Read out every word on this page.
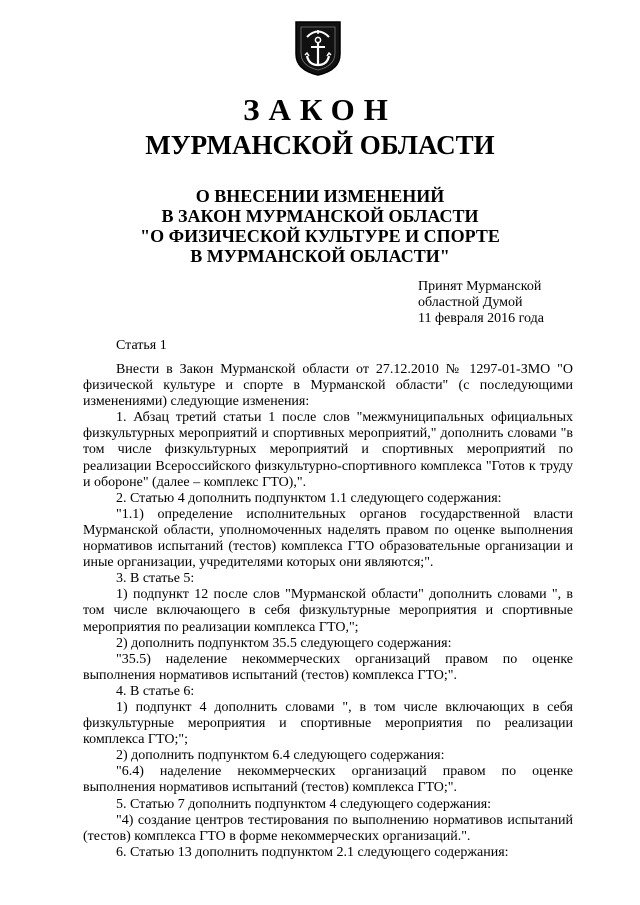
ЗАКОН
МУРМАНСКОЙ ОБЛАСТИ
О ВНЕСЕНИИ ИЗМЕНЕНИЙ
В ЗАКОН МУРМАНСКОЙ ОБЛАСТИ
"О ФИЗИЧЕСКОЙ КУЛЬТУРЕ И СПОРТЕ
В МУРМАНСКОЙ ОБЛАСТИ"
Принят Мурманской
областной Думой
11 февраля 2016 года
Статья 1

Внести в Закон Мурманской области от 27.12.2010 № 1297-01-ЗМО "О физической культуре и спорте в Мурманской области" (с последующими изменениями) следующие изменения:

1. Абзац третий статьи 1 после слов "межмуниципальных официальных физкультурных мероприятий и спортивных мероприятий," дополнить словами "в том числе физкультурных мероприятий и спортивных мероприятий по реализации Всероссийского физкультурно-спортивного комплекса "Готов к труду и обороне" (далее – комплекс ГТО),".

2. Статью 4 дополнить подпунктом 1.1 следующего содержания:

"1.1) определение исполнительных органов государственной власти Мурманской области, уполномоченных наделять правом по оценке выполнения нормативов испытаний (тестов) комплекса ГТО образовательные организации и иные организации, учредителями которых они являются;".

3. В статье 5:

1) подпункт 12 после слов "Мурманской области" дополнить словами ", в том числе включающего в себя физкультурные мероприятия и спортивные мероприятия по реализации комплекса ГТО,";

2) дополнить подпунктом 35.5 следующего содержания:

"35.5) наделение некоммерческих организаций правом по оценке выполнения нормативов испытаний (тестов) комплекса ГТО;".

4. В статье 6:

1) подпункт 4 дополнить словами ", в том числе включающих в себя физкультурные мероприятия и спортивные мероприятия по реализации комплекса ГТО;";

2) дополнить подпунктом 6.4 следующего содержания:

"6.4) наделение некоммерческих организаций правом по оценке выполнения нормативов испытаний (тестов) комплекса ГТО;".

5. Статью 7 дополнить подпунктом 4 следующего содержания:

"4) создание центров тестирования по выполнению нормативов испытаний (тестов) комплекса ГТО в форме некоммерческих организаций.".

6. Статью 13 дополнить подпунктом 2.1 следующего содержания:
